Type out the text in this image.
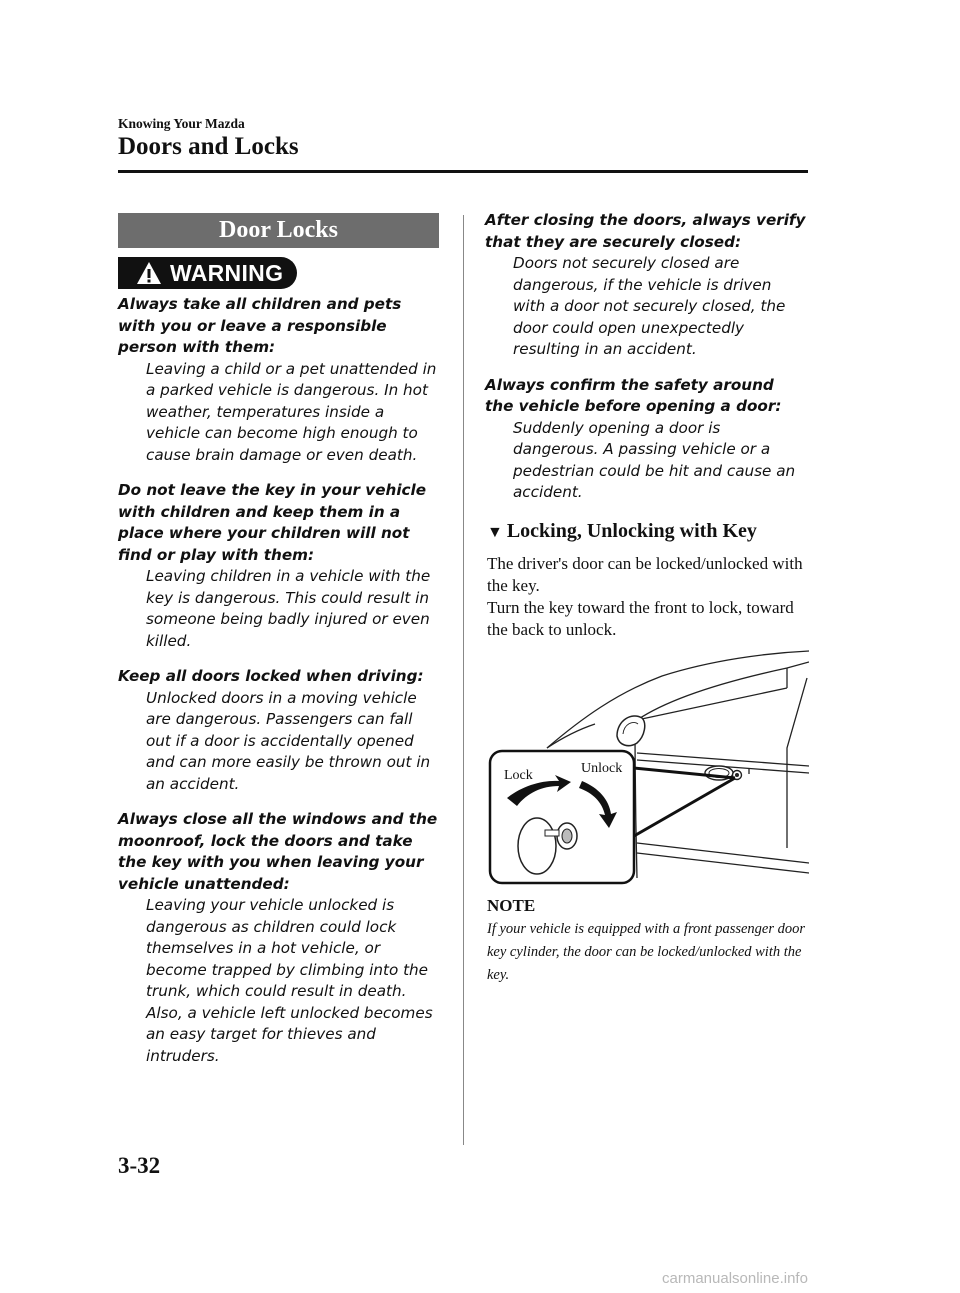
Knowing Your Mazda
Doors and Locks
Door Locks
WARNING
Always take all children and pets with you or leave a responsible person with them:
Leaving a child or a pet unattended in a parked vehicle is dangerous. In hot weather, temperatures inside a vehicle can become high enough to cause brain damage or even death.
Do not leave the key in your vehicle with children and keep them in a place where your children will not find or play with them:
Leaving children in a vehicle with the key is dangerous. This could result in someone being badly injured or even killed.
Keep all doors locked when driving:
Unlocked doors in a moving vehicle are dangerous. Passengers can fall out if a door is accidentally opened and can more easily be thrown out in an accident.
Always close all the windows and the moonroof, lock the doors and take the key with you when leaving your vehicle unattended:
Leaving your vehicle unlocked is dangerous as children could lock themselves in a hot vehicle, or become trapped by climbing into the trunk, which could result in death. Also, a vehicle left unlocked becomes an easy target for thieves and intruders.
After closing the doors, always verify that they are securely closed:
Doors not securely closed are dangerous, if the vehicle is driven with a door not securely closed, the door could open unexpectedly resulting in an accident.
Always confirm the safety around the vehicle before opening a door:
Suddenly opening a door is dangerous. A passing vehicle or a pedestrian could be hit and cause an accident.
▼ Locking, Unlocking with Key
The driver's door can be locked/unlocked with the key.
Turn the key toward the front to lock, toward the back to unlock.
Lock	Unlock
NOTE
If your vehicle is equipped with a front passenger door key cylinder, the door can be locked/unlocked with the key.
3-32
carmanualsonline.info
